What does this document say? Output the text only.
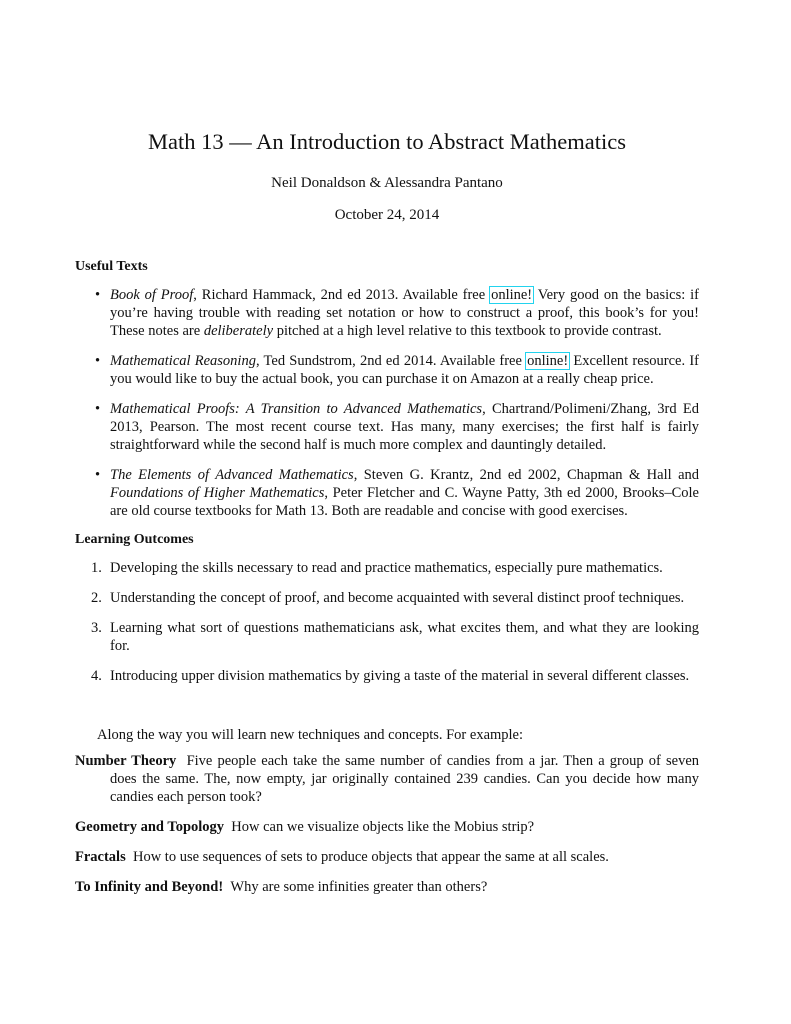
Math 13 — An Introduction to Abstract Mathematics
Neil Donaldson & Alessandra Pantano
October 24, 2014
Useful Texts
• Book of Proof, Richard Hammack, 2nd ed 2013. Available free online! Very good on the basics: if you’re having trouble with reading set notation or how to construct a proof, this book’s for you! These notes are deliberately pitched at a high level relative to this textbook to provide contrast.
• Mathematical Reasoning, Ted Sundstrom, 2nd ed 2014. Available free online! Excellent resource. If you would like to buy the actual book, you can purchase it on Amazon at a really cheap price.
• Mathematical Proofs: A Transition to Advanced Mathematics, Chartrand/Polimeni/Zhang, 3rd Ed 2013, Pearson. The most recent course text. Has many, many exercises; the first half is fairly straightforward while the second half is much more complex and dauntingly detailed.
• The Elements of Advanced Mathematics, Steven G. Krantz, 2nd ed 2002, Chapman & Hall and Foundations of Higher Mathematics, Peter Fletcher and C. Wayne Patty, 3th ed 2000, Brooks–Cole are old course textbooks for Math 13. Both are readable and concise with good exercises.
Learning Outcomes
1. Developing the skills necessary to read and practice mathematics, especially pure mathematics.
2. Understanding the concept of proof, and become acquainted with several distinct proof techniques.
3. Learning what sort of questions mathematicians ask, what excites them, and what they are looking for.
4. Introducing upper division mathematics by giving a taste of the material in several different classes.
Along the way you will learn new techniques and concepts. For example:
Number Theory Five people each take the same number of candies from a jar. Then a group of seven does the same. The, now empty, jar originally contained 239 candies. Can you decide how many candies each person took?
Geometry and Topology How can we visualize objects like the Mobius strip?
Fractals How to use sequences of sets to produce objects that appear the same at all scales.
To Infinity and Beyond! Why are some infinities greater than others?
